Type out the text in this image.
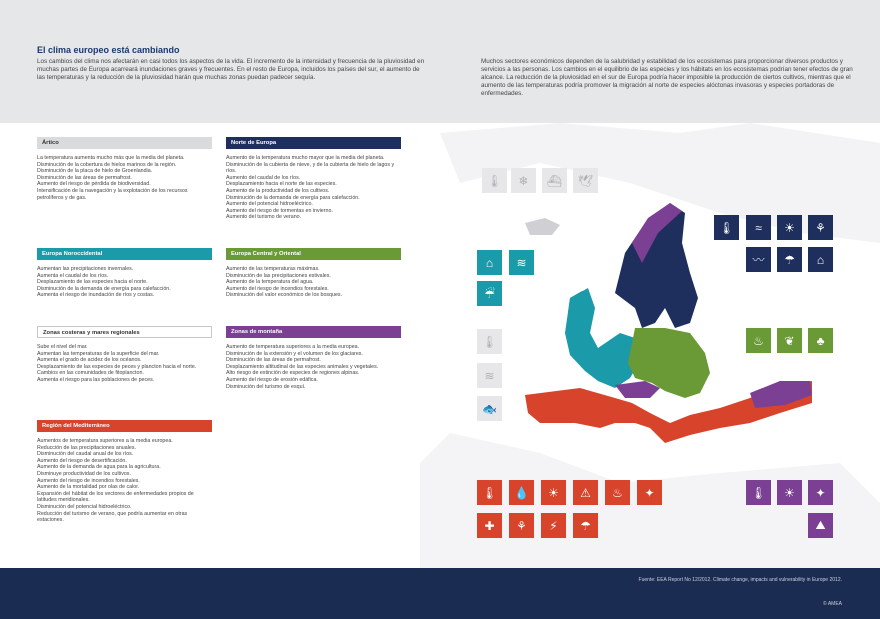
El clima europeo está cambiando
Los cambios del clima nos afectarán en casi todos los aspectos de la vida. El incremento de la intensidad y frecuencia de la pluviosidad en muchas partes de Europa acarreará inundaciones graves y frecuentes. En el resto de Europa, incluidos los países del sur, el aumento de las temperaturas y la reducción de la pluviosidad harán que muchas zonas puedan padecer sequía.
Muchos sectores económicos dependen de la salubridad y estabilidad de los ecosistemas para proporcionar diversos productos y servicios a las personas. Los cambios en el equilibrio de las especies y los hábitats en los ecosistemas podrían tener efectos de gran alcance. La reducción de la pluviosidad en el sur de Europa podría hacer imposible la producción de ciertos cultivos, mientras que el aumento de las temperaturas podría promover la migración al norte de especies alóctonas invasoras y especies portadoras de enfermedades.
Ártico
La temperatura aumenta mucho más que la media del planeta.
Disminución de la cobertura de hielos marinos de la región.
Disminución de la placa de hielo de Groenlandia.
Disminución de las áreas de permafrost.
Aumento del riesgo de pérdida de biodiversidad.
Intensificación de la navegación y la explotación de los recursos petrolíferos y de gas.
Europa Noroccidental
Aumentan las precipitaciones invernales.
Aumenta el caudal de los ríos.
Desplazamiento de las especies hacia el norte.
Disminución de la demanda de energía para calefacción.
Aumenta el riesgo de inundación de ríos y costas.
Zonas costeras y mares regionales
Sube el nivel del mar.
Aumentan las temperaturas de la superficie del mar.
Aumenta el grado de acidez de los océanos.
Desplazamiento de las especies de peces y plancton hacia el norte.
Cambios en las comunidades de fitoplancton.
Aumenta el riesgo para las poblaciones de peces.
Región del Mediterráneo
Aumentos de temperatura superiores a la media europea.
Reducción de las precipitaciones anuales.
Disminución del caudal anual de los ríos.
Aumento del riesgo de desertificación.
Aumento de la demanda de agua para la agricultura.
Disminuye productividad de los cultivos.
Aumento del riesgo de incendios forestales.
Aumento de la mortalidad por olas de calor.
Expansión del hábitat de los vectores de enfermedades propios de latitudes meridionales.
Disminución del potencial hidroeléctrico.
Reducción del turismo de verano, que podría aumentar en otras estaciones.
Norte de Europa
Aumento de la temperatura mucho mayor que la media del planeta.
Disminución de la cubierta de nieve, y de la cubierta de hielo de lagos y ríos.
Aumento del caudal de los ríos.
Desplazamiento hacia el norte de las especies.
Aumento de la productividad de los cultivos.
Disminución de la demanda de energía para calefacción.
Aumento del potencial hidroeléctrico.
Aumento del riesgo de tormentas en invierno.
Aumento del turismo de verano.
Europa Central y Oriental
Aumento de las temperaturas máximas.
Disminución de las precipitaciones estivales.
Aumento de la temperatura del agua.
Aumento del riesgo de incendios forestales.
Disminución del valor económico de los bosques.
Zonas de montaña
Aumento de temperatura superiores a la media europea.
Disminución de la extensión y el volumen de los glaciares.
Disminución de las áreas de permafrost.
Desplazamiento altitudinal de las especies animales y vegetales.
Alto riesgo de extinción de especies de regiones alpinas.
Aumento del riesgo de erosión edáfica.
Disminución del turismo de esquí.
🌡	❄	⛴	🕊
🌡	≈	☀	⚘
〰	☂	⌂
⌂	≋
☔
🌡
≋
🐟
♨	❦	♣
🌡	💧	☀	⚠	♨	✦
✚	⚘	⚡	☂
🌡	☀	✦
⛰
Fuente: EEA Report No 12/2012. Climate change, impacts and vulnerability in Europe 2012.
© AMEA
